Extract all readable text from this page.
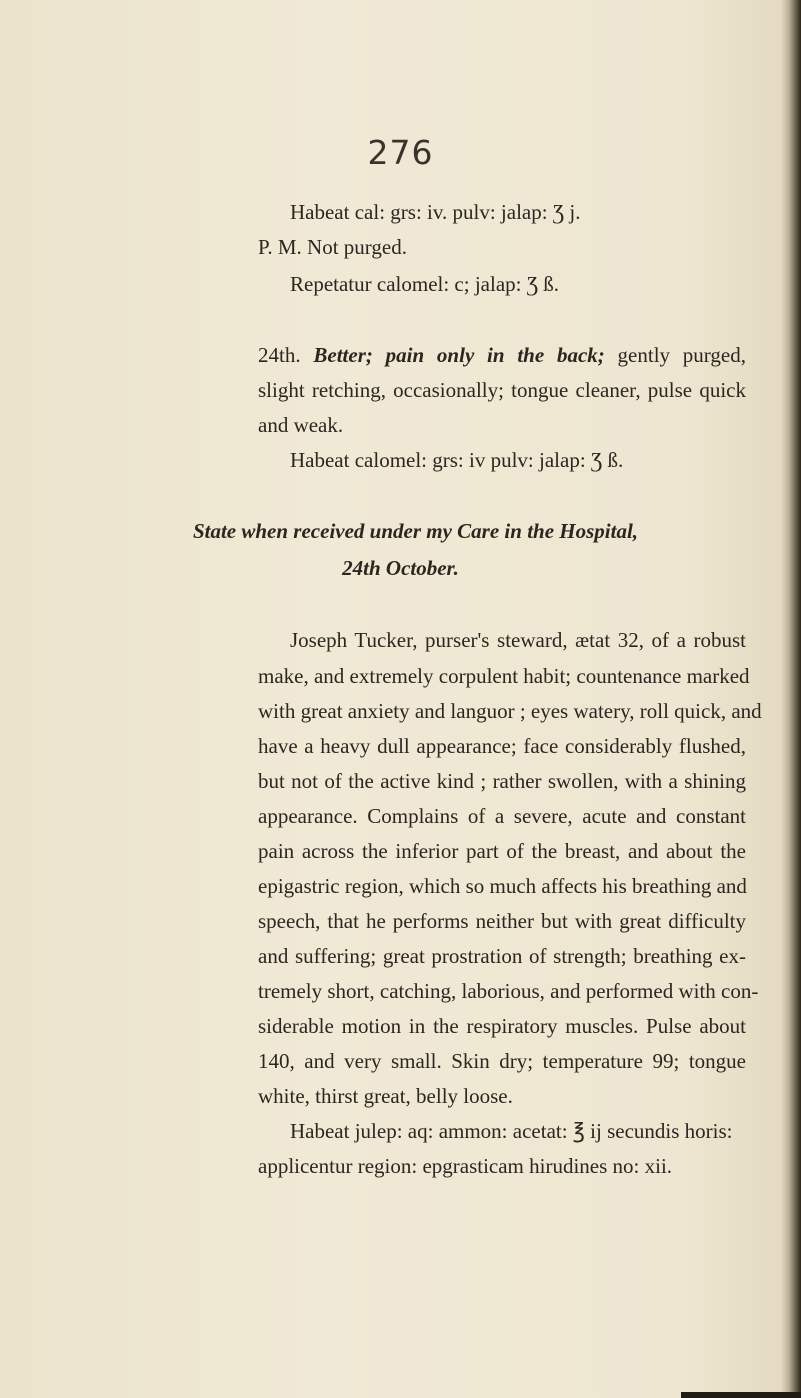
276
Habeat cal: grs: iv. pulv: jalap: Ʒ j.
P. M. Not purged.
Repetatur calomel: c; jalap: Ʒ ß.
24th. Better; pain only in the back; gently purged,
slight retching, occasionally; tongue cleaner, pulse quick
and weak.
Habeat calomel: grs: iv pulv: jalap: Ʒ ß.
State when received under my Care in the Hospital,
24th October.
Joseph Tucker, purser's steward, ætat 32, of a robust
make, and extremely corpulent habit; countenance marked
with great anxiety and languor ; eyes watery, roll quick, and
have a heavy dull appearance; face considerably flushed,
but not of the active kind ; rather swollen, with a shining
appearance. Complains of a severe, acute and constant
pain across the inferior part of the breast, and about the
epigastric region, which so much affects his breathing and
speech, that he performs neither but with great difficulty
and suffering; great prostration of strength; breathing ex-
tremely short, catching, laborious, and performed with con-
siderable motion in the respiratory muscles. Pulse about
140, and very small. Skin dry; temperature 99; tongue
white, thirst great, belly loose.
Habeat julep: aq: ammon: acetat: ℥ ij secundis horis:
applicentur region: epgrasticam hirudines no: xii.
